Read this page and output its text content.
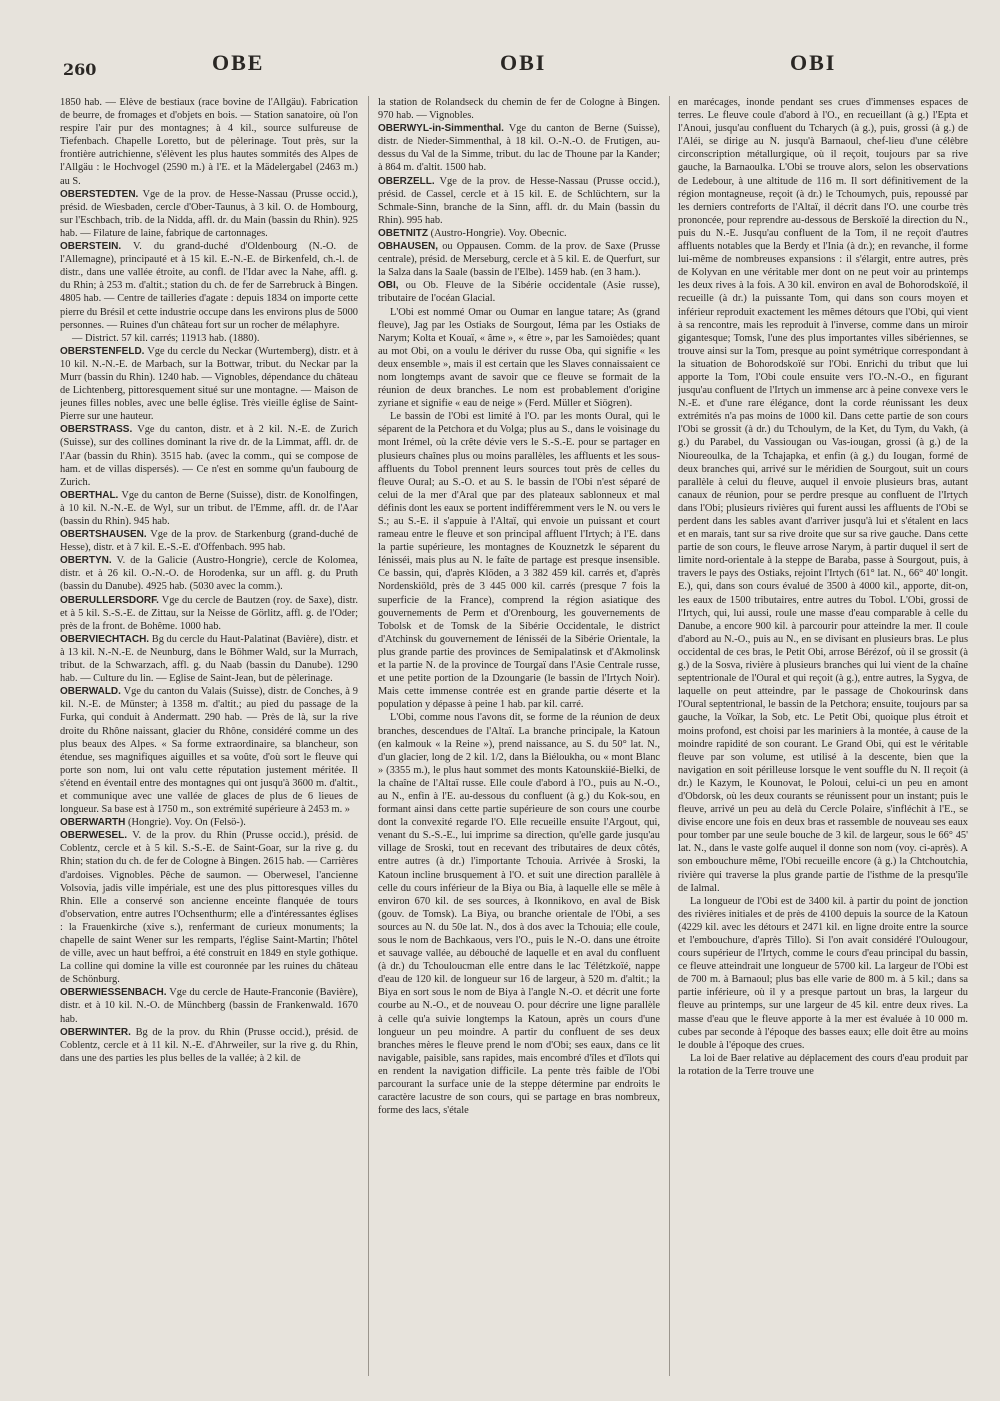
260	OBE	OBI	OBI

1850 hab. — Elève de bestiaux (race bovine de l'Allgäu). Fabrication de beurre, de fromages et d'objets en bois. — Station sanatoire, où l'on respire l'air pur des montagnes; à 4 kil., source sulfureuse de Tiefenbach. Chapelle Loretto, but de pèlerinage. Tout près, sur la frontière autrichienne, s'élèvent les plus hautes sommités des Alpes de l'Allgäu : le Hochvogel (2590 m.) à l'E. et la Mädelergabel (2463 m.) au S.

OBERSTEDTEN. Vge de la prov. de Hesse-Nassau (Prusse occid.), présid. de Wiesbaden, cercle d'Ober-Taunus, à 3 kil. O. de Hombourg, sur l'Eschbach, trib. de la Nidda, affl. dr. du Main (bassin du Rhin). 925 hab. — Filature de laine, fabrique de cartonnages.

OBERSTEIN. V. du grand-duché d'Oldenbourg (N.-O. de l'Allemagne), principauté et à 15 kil. E.-N.-E. de Birkenfeld, ch.-l. de distr., dans une vallée étroite, au confl. de l'Idar avec la Nahe, affl. g. du Rhin; à 253 m. d'altit.; station du ch. de fer de Sarrebruck à Bingen. 4805 hab. — Centre de tailleries d'agate : depuis 1834 on importe cette pierre du Brésil et cette industrie occupe dans les environs plus de 5000 personnes. — Ruines d'un château fort sur un rocher de mélaphyre.

— District. 57 kil. carrés; 11913 hab. (1880).

OBERSTENFELD. Vge du cercle du Neckar (Wurtemberg), distr. et à 10 kil. N.-N.-E. de Marbach, sur la Bottwar, tribut. du Neckar par la Murr (bassin du Rhin). 1240 hab. — Vignobles, dépendance du château de Lichtenberg, pittoresquement situé sur une montagne. — Maison de jeunes filles nobles, avec une belle église. Très vieille église de Saint-Pierre sur une hauteur.

OBERSTRASS. Vge du canton, distr. et à 2 kil. N.-E. de Zurich (Suisse), sur des collines dominant la rive dr. de la Limmat, affl. dr. de l'Aar (bassin du Rhin). 3515 hab. (avec la comm., qui se compose de ham. et de villas dispersés). — Ce n'est en somme qu'un faubourg de Zurich.

OBERTHAL. Vge du canton de Berne (Suisse), distr. de Konolfingen, à 10 kil. N.-N.-E. de Wyl, sur un tribut. de l'Emme, affl. dr. de l'Aar (bassin du Rhin). 945 hab.

OBERTSHAUSEN. Vge de la prov. de Starkenburg (grand-duché de Hesse), distr. et à 7 kil. E.-S.-E. d'Offenbach. 995 hab.

OBERTYN. V. de la Galicie (Austro-Hongrie), cercle de Kolomea, distr. et à 26 kil. O.-N.-O. de Horodenka, sur un affl. g. du Pruth (bassin du Danube). 4925 hab. (5030 avec la comm.).

OBERULLERSDORF. Vge du cercle de Bautzen (roy. de Saxe), distr. et à 5 kil. S.-S.-E. de Zittau, sur la Neisse de Görlitz, affl. g. de l'Oder; près de la front. de Bohême. 1000 hab.

OBERVIECHTACH. Bg du cercle du Haut-Palatinat (Bavière), distr. et à 13 kil. N.-N.-E. de Neunburg, dans le Böhmer Wald, sur la Murrach, tribut. de la Schwarzach, affl. g. du Naab (bassin du Danube). 1290 hab. — Culture du lin. — Eglise de Saint-Jean, but de pèlerinage.

OBERWALD. Vge du canton du Valais (Suisse), distr. de Conches, à 9 kil. N.-E. de Münster; à 1358 m. d'altit.; au pied du passage de la Furka, qui conduit à Andermatt. 290 hab. — Près de là, sur la rive droite du Rhône naissant, glacier du Rhône, considéré comme un des plus beaux des Alpes. « Sa forme extraordinaire, sa blancheur, son étendue, ses magnifiques aiguilles et sa voûte, d'où sort le fleuve qui porte son nom, lui ont valu cette réputation justement méritée. Il s'étend en éventail entre des montagnes qui ont jusqu'à 3600 m. d'altit., et communique avec une vallée de glaces de plus de 6 lieues de longueur. Sa base est à 1750 m., son extrémité supérieure à 2453 m. »

OBERWARTH (Hongrie). Voy. On (Felsö-).

OBERWESEL. V. de la prov. du Rhin (Prusse occid.), présid. de Coblentz, cercle et à 5 kil. S.-S.-E. de Saint-Goar, sur la rive g. du Rhin; station du ch. de fer de Cologne à Bingen. 2615 hab. — Carrières d'ardoises. Vignobles. Pêche de saumon. — Oberwesel, l'ancienne Volsovia, jadis ville impériale, est une des plus pittoresques villes du Rhin. Elle a conservé son ancienne enceinte flanquée de tours d'observation, entre autres l'Ochsenthurm; elle a d'intéressantes églises : la Frauenkirche (xive s.), renfermant de curieux monuments; la chapelle de saint Wener sur les remparts, l'église Saint-Martin; l'hôtel de ville, avec un haut beffroi, a été construit en 1849 en style gothique. La colline qui domine la ville est couronnée par les ruines du château de Schönburg.

OBERWIESSENBACH. Vge du cercle de Haute-Franconie (Bavière), distr. et à 10 kil. N.-O. de Münchberg (bassin de Frankenwald. 1670 hab.

OBERWINTER. Bg de la prov. du Rhin (Prusse occid.), présid. de Coblentz, cercle et à 11 kil. N.-E. d'Ahrweiler, sur la rive g. du Rhin, dans une des parties les plus belles de la vallée; à 2 kil. de

la station de Rolandseck du chemin de fer de Cologne à Bingen. 970 hab. — Vignobles.

OBERWYL-in-Simmenthal. Vge du canton de Berne (Suisse), distr. de Nieder-Simmenthal, à 18 kil. O.-N.-O. de Frutigen, au-dessus du Val de la Simme, tribut. du lac de Thoune par la Kander; à 864 m. d'altit. 1500 hab.

OBERZELL. Vge de la prov. de Hesse-Nassau (Prusse occid.), présid. de Cassel, cercle et à 15 kil. E. de Schlüchtern, sur la Schmale-Sinn, branche de la Sinn, affl. dr. du Main (bassin du Rhin). 995 hab.

OBETNITZ (Austro-Hongrie). Voy. Obecnic.

OBHAUSEN, ou Oppausen. Comm. de la prov. de Saxe (Prusse centrale), présid. de Merseburg, cercle et à 5 kil. E. de Querfurt, sur la Salza dans la Saale (bassin de l'Elbe). 1459 hab. (en 3 ham.).

OBI, ou Ob. Fleuve de la Sibérie occidentale (Asie russe), tributaire de l'océan Glacial.

L'Obi est nommé Omar ou Oumar en langue tatare; As (grand fleuve), Jag par les Ostiaks de Sourgout, Iéma par les Ostiaks de Narym; Kolta et Kouaï, « âme », « être », par les Samoièdes; quant au mot Obi, on a voulu le dériver du russe Oba, qui signifie « les deux ensemble », mais il est certain que les Slaves connaissaient ce nom longtemps avant de savoir que ce fleuve se formait de la réunion de deux branches. Le nom est probablement d'origine zyriane et signifie « eau de neige » (Ferd. Müller et Siögren).

Le bassin de l'Obi est limité à l'O. par les monts Oural, qui le séparent de la Petchora et du Volga; plus au S., dans le voisinage du mont Irémel, où la crête dévie vers le S.-S.-E. pour se partager en plusieurs chaînes plus ou moins parallèles, les affluents et les sous-affluents du Tobol prennent leurs sources tout près de celles du fleuve Oural; au S.-O. et au S. le bassin de l'Obi n'est séparé de celui de la mer d'Aral que par des plateaux sablonneux et mal définis dont les eaux se portent indifféremment vers le N. ou vers le S.; au S.-E. il s'appuie à l'Altaï, qui envoie un puissant et court rameau entre le fleuve et son principal affluent l'Irtych; à l'E. dans la partie supérieure, les montagnes de Kouznetzk le séparent du Iénisséi, mais plus au N. le faîte de partage est presque insensible. Ce bassin, qui, d'après Klöden, a 3 382 459 kil. carrés et, d'après Nordenskiöld, près de 3 445 000 kil. carrés (presque 7 fois la superficie de la France), comprend la région asiatique des gouvernements de Perm et d'Orenbourg, les gouvernements de Tobolsk et de Tomsk de la Sibérie Occidentale, le district d'Atchinsk du gouvernement de Iénisséi de la Sibérie Orientale, la plus grande partie des provinces de Semipalatinsk et d'Akmolinsk et la partie N. de la province de Tourgaï dans l'Asie Centrale russe, et une petite portion de la Dzoungarie (le bassin de l'Irtych Noir). Mais cette immense contrée est en grande partie déserte et la population y dépasse à peine 1 hab. par kil. carré.

L'Obi, comme nous l'avons dit, se forme de la réunion de deux branches, descendues de l'Altaï. La branche principale, la Katoun (en kalmouk « la Reine »), prend naissance, au S. du 50° lat. N., d'un glacier, long de 2 kil. 1/2, dans la Biéloukha, ou « mont Blanc » (3355 m.), le plus haut sommet des monts Katounskiié-Bielki, de la chaîne de l'Altaï russe. Elle coule d'abord à l'O., puis au N.-O., au N., enfin à l'E. au-dessous du confluent (à g.) du Kok-sou, en formant ainsi dans cette partie supérieure de son cours une courbe dont la convexité regarde l'O. Elle recueille ensuite l'Argout, qui, venant du S.-S.-E., lui imprime sa direction, qu'elle garde jusqu'au village de Sroski, tout en recevant des tributaires de deux côtés, entre autres (à dr.) l'importante Tchouia. Arrivée à Sroski, la Katoun incline brusquement à l'O. et suit une direction parallèle à celle du cours inférieur de la Biya ou Bia, à laquelle elle se mêle à environ 670 kil. de ses sources, à Ikonnikovo, en aval de Bisk (gouv. de Tomsk). La Biya, ou branche orientale de l'Obi, a ses sources au N. du 50e lat. N., dos à dos avec la Tchouia; elle coule, sous le nom de Bachkaous, vers l'O., puis le N.-O. dans une étroite et sauvage vallée, au débouché de laquelle et en aval du confluent (à dr.) du Tchouloucman elle entre dans le lac Télétzkoïé, nappe d'eau de 120 kil. de longueur sur 16 de largeur, à 520 m. d'altit.; la Biya en sort sous le nom de Biya à l'angle N.-O. et décrit une forte courbe au N.-O., et de nouveau O. pour décrire une ligne parallèle à celle qu'a suivie longtemps la Katoun, après un cours d'une longueur un peu moindre. A partir du confluent de ses deux branches mères le fleuve prend le nom d'Obi; ses eaux, dans ce lit navigable, paisible, sans rapides, mais encombré d'îles et d'îlots qui en rendent la navigation difficile. La pente très faible de l'Obi parcourant la surface unie de la steppe détermine par endroits le caractère lacustre de son cours, qui se partage en bras nombreux, forme des lacs, s'étale

en marécages, inonde pendant ses crues d'immenses espaces de terres. Le fleuve coule d'abord à l'O., en recueillant (à g.) l'Epta et l'Anoui, jusqu'au confluent du Tcharych (à g.), puis, grossi (à g.) de l'Aléi, se dirige au N. jusqu'à Barnaoul, chef-lieu d'une célèbre circonscription métallurgique, où il reçoit, toujours par sa rive gauche, la Barnaoulka. L'Obi se trouve alors, selon les observations de Ledebour, à une altitude de 116 m. Il sort définitivement de la région montagneuse, reçoit (à dr.) le Tchoumych, puis, repoussé par les derniers contreforts de l'Altaï, il décrit dans l'O. une courbe très prononcée, pour reprendre au-dessous de Berskoïé la direction du N., puis du N.-E. Jusqu'au confluent de la Tom, il ne reçoit d'autres affluents notables que la Berdy et l'Inia (à dr.); en revanche, il forme lui-même de nombreuses expansions : il s'élargit, entre autres, près de Kolyvan en une véritable mer dont on ne peut voir au printemps les deux rives à la fois. A 30 kil. environ en aval de Bohorodskoïé, il recueille (à dr.) la puissante Tom, qui dans son cours moyen et inférieur reproduit exactement les mêmes détours que l'Obi, qui vient à sa rencontre, mais les reproduit à l'inverse, comme dans un miroir gigantesque; Tomsk, l'une des plus importantes villes sibériennes, se trouve ainsi sur la Tom, presque au point symétrique correspondant à la situation de Bohorodskoïé sur l'Obi. Enrichi du tribut que lui apporte la Tom, l'Obi coule ensuite vers l'O.-N.-O., en figurant jusqu'au confluent de l'Irtych un immense arc à peine convexe vers le N.-E. et d'une rare élégance, dont la corde réunissant les deux extrémités n'a pas moins de 1000 kil. Dans cette partie de son cours l'Obi se grossit (à dr.) du Tchoulym, de la Ket, du Tym, du Vakh, (à g.) du Parabel, du Vassiougan ou Vas-iougan, grossi (à g.) de la Nioureoulka, de la Tchajapka, et enfin (à g.) du Iougan, formé de deux branches qui, arrivé sur le méridien de Sourgout, suit un cours parallèle à celui du fleuve, auquel il envoie plusieurs bras, autant canaux de réunion, pour se perdre presque au confluent de l'Irtych dans l'Obi; plusieurs rivières qui furent aussi les affluents de l'Obi se perdent dans les sables avant d'arriver jusqu'à lui et s'étalent en lacs et en marais, tant sur sa rive droite que sur sa rive gauche. Dans cette partie de son cours, le fleuve arrose Narym, à partir duquel il sert de limite nord-orientale à la steppe de Baraba, passe à Sourgout, puis, à travers le pays des Ostiaks, rejoint l'Irtych (61° lat. N., 66° 40' longit. E.), qui, dans son cours évalué de 3500 à 4000 kil., apporte, dit-on, les eaux de 1500 tributaires, entre autres du Tobol. L'Obi, grossi de l'Irtych, qui, lui aussi, roule une masse d'eau comparable à celle du Danube, a encore 900 kil. à parcourir pour atteindre la mer. Il coule d'abord au N.-O., puis au N., en se divisant en plusieurs bras. Le plus occidental de ces bras, le Petit Obi, arrose Bérézof, où il se grossit (à g.) de la Sosva, rivière à plusieurs branches qui lui vient de la chaîne septentrionale de l'Oural et qui reçoit (à g.), entre autres, la Sygva, de laquelle on peut atteindre, par le passage de Chokourinsk dans l'Oural septentrional, le bassin de la Petchora; ensuite, toujours par sa gauche, la Voïkar, la Sob, etc. Le Petit Obi, quoique plus étroit et moins profond, est choisi par les mariniers à la montée, à cause de la moindre rapidité de son courant. Le Grand Obi, qui est le véritable fleuve par son volume, est utilisé à la descente, bien que la navigation en soit périlleuse lorsque le vent souffle du N. Il reçoit (à dr.) le Kazym, le Kounovat, le Poloui, celui-ci un peu en amont d'Obdorsk, où les deux courants se réunissent pour un instant; puis le fleuve, arrivé un peu au delà du Cercle Polaire, s'infléchit à l'E., se divise encore une fois en deux bras et rassemble de nouveau ses eaux pour tomber par une seule bouche de 3 kil. de largeur, sous le 66° 45' lat. N., dans le vaste golfe auquel il donne son nom (voy. ci-après). A son embouchure même, l'Obi recueille encore (à g.) la Chtchoutchia, rivière qui traverse la plus grande partie de l'isthme de la presqu'île de Ialmal.

La longueur de l'Obi est de 3400 kil. à partir du point de jonction des rivières initiales et de près de 4100 depuis la source de la Katoun (4229 kil. avec les détours et 2471 kil. en ligne droite entre la source et l'embouchure, d'après Tillo). Si l'on avait considéré l'Oulougour, cours supérieur de l'Irtych, comme le cours d'eau principal du bassin, ce fleuve atteindrait une longueur de 5700 kil. La largeur de l'Obi est de 700 m. à Barnaoul; plus bas elle varie de 800 m. à 5 kil.; dans sa partie inférieure, où il y a presque partout un bras, la largeur du fleuve au printemps, sur une largeur de 45 kil. entre deux rives. La masse d'eau que le fleuve apporte à la mer est évaluée à 10 000 m. cubes par seconde à l'époque des basses eaux; elle doit être au moins le double à l'époque des crues.

La loi de Baer relative au déplacement des cours d'eau produit par la rotation de la Terre trouve une
